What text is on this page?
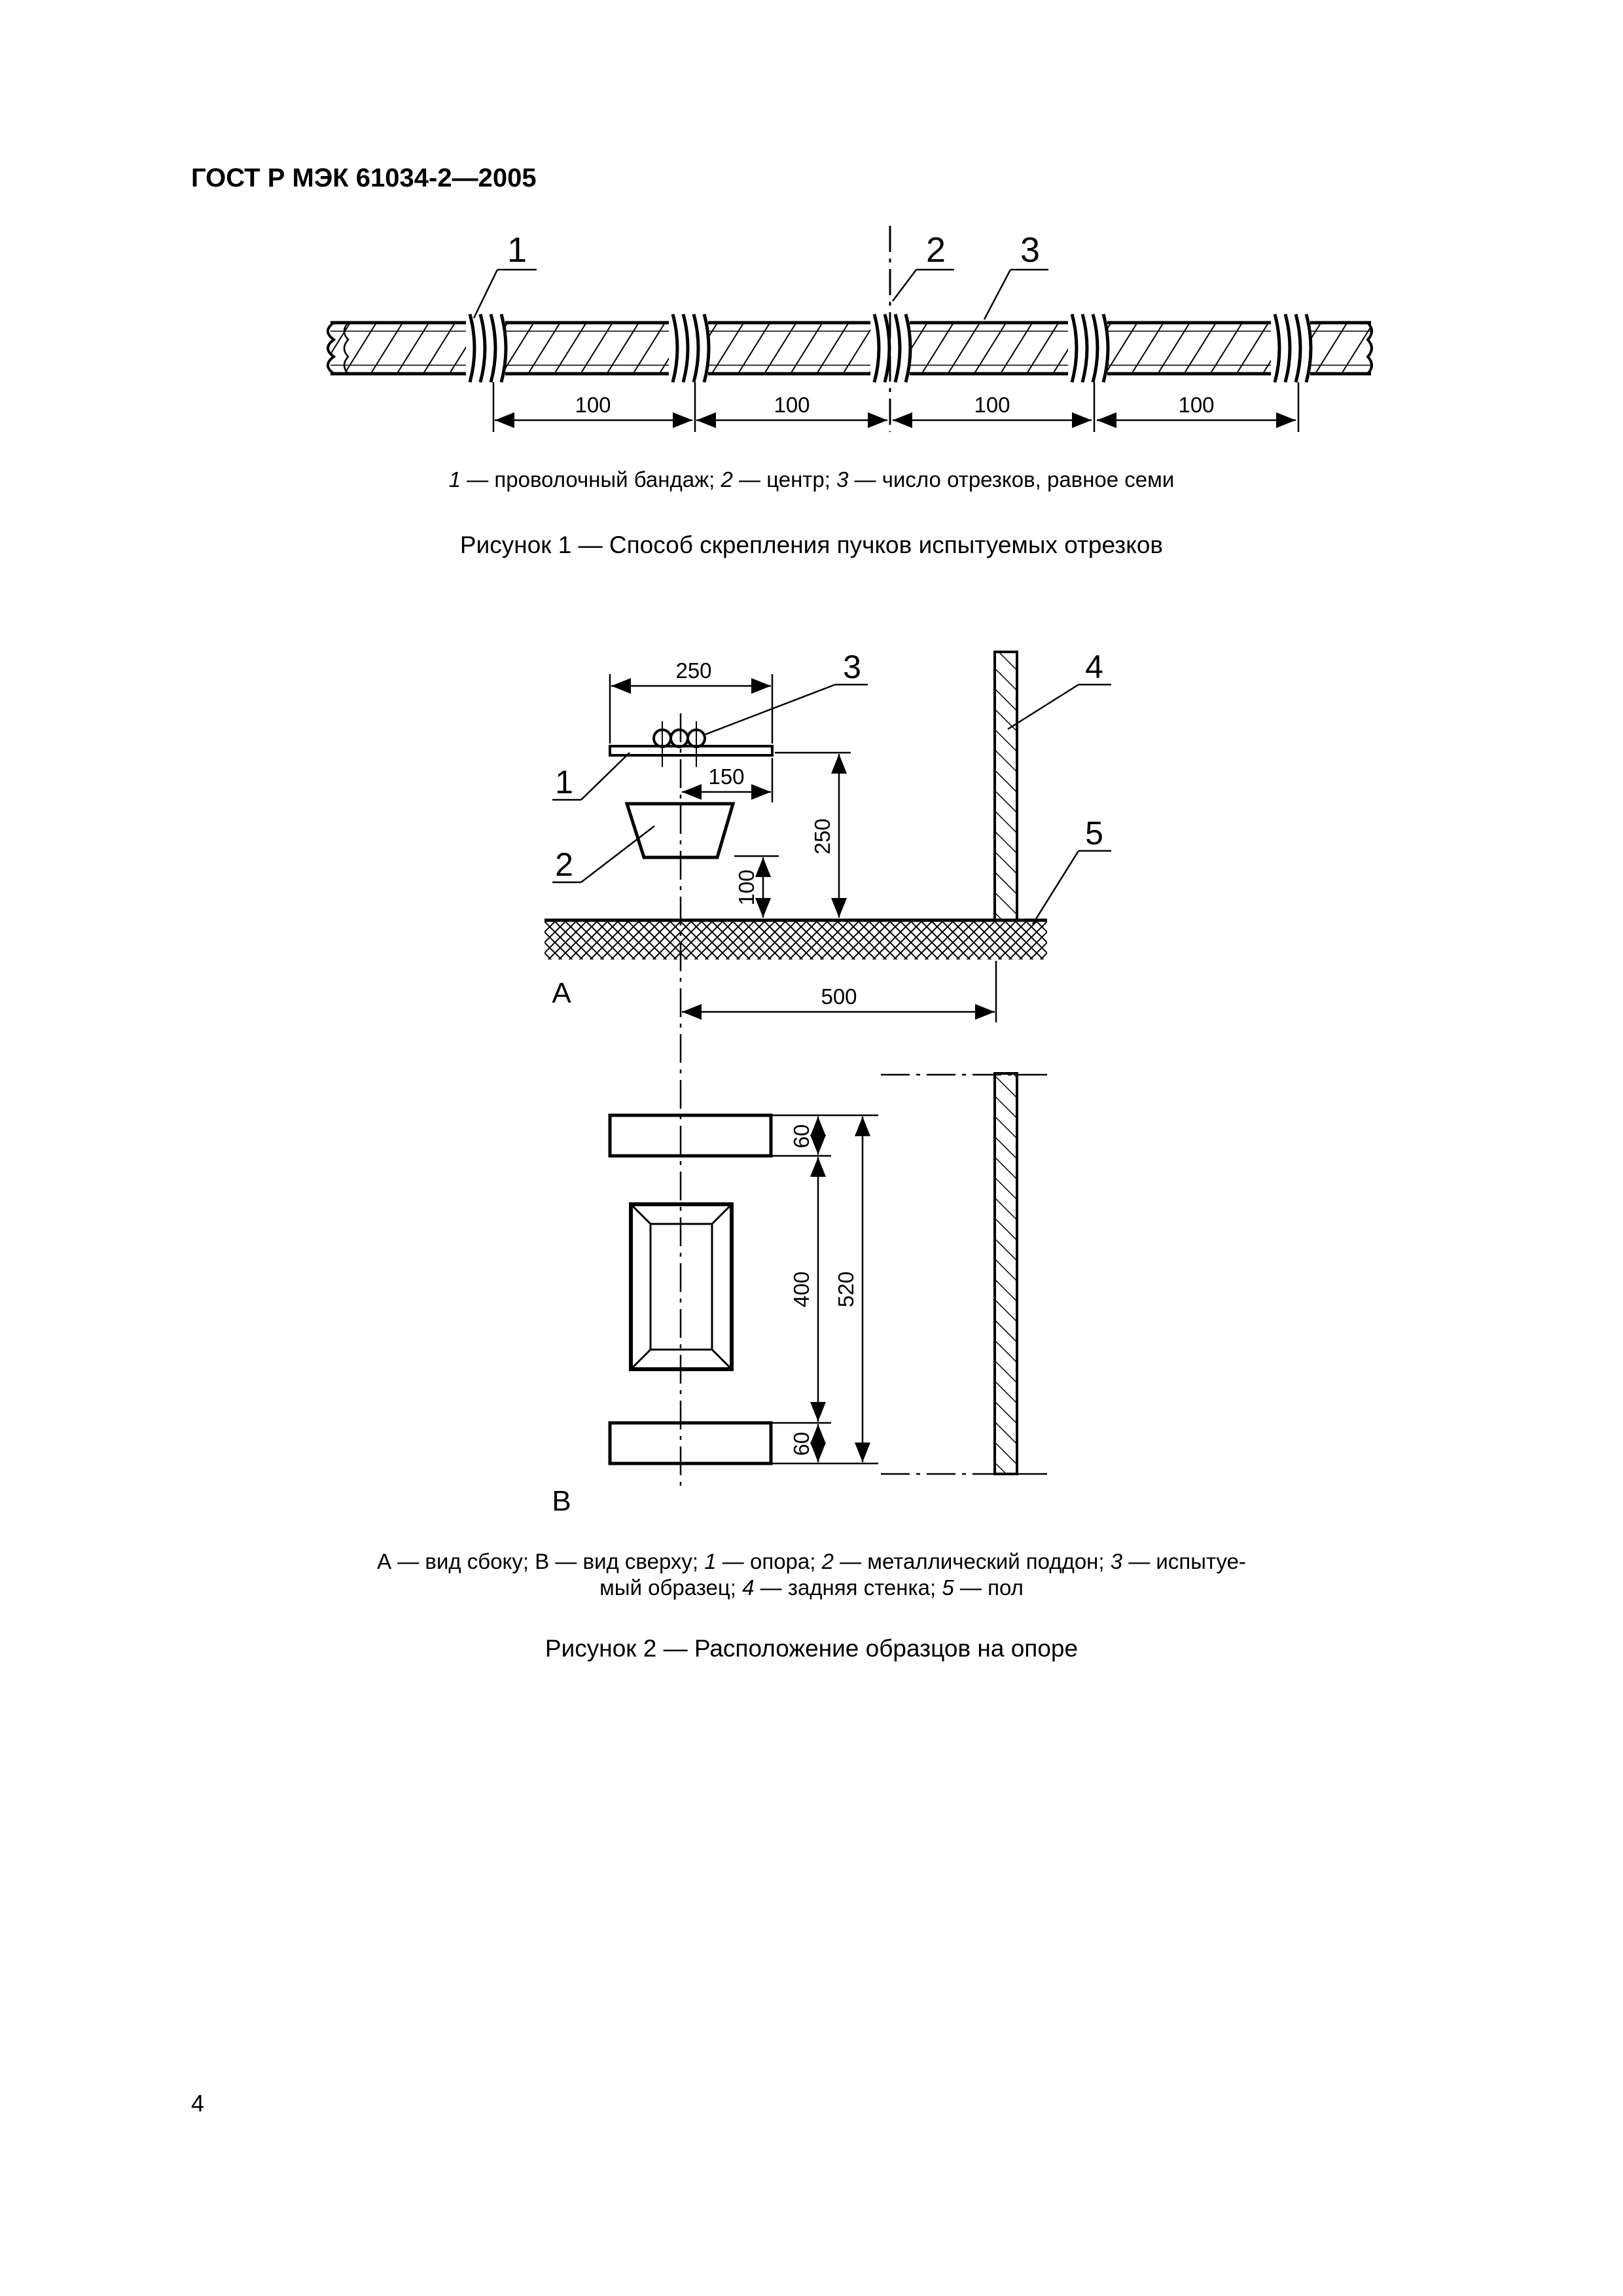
ГОСТ Р МЭК 61034-2—2005
100	100	100	100
1	2 3
1 — проволочный бандаж; 2 — центр; 3 — число отрезков, равное семи
Рисунок 1 — Способ скрепления пучков испытуемых отрезков
250
150
250
100
500
1
2
3	4
5
А
60
400
60
520
В
А — вид сбоку; В — вид сверху; 1 — опора; 2 — металлический поддон; 3 — испытуе-
мый образец; 4 — задняя стенка; 5 — пол
Рисунок 2 — Расположение образцов на опоре
4
